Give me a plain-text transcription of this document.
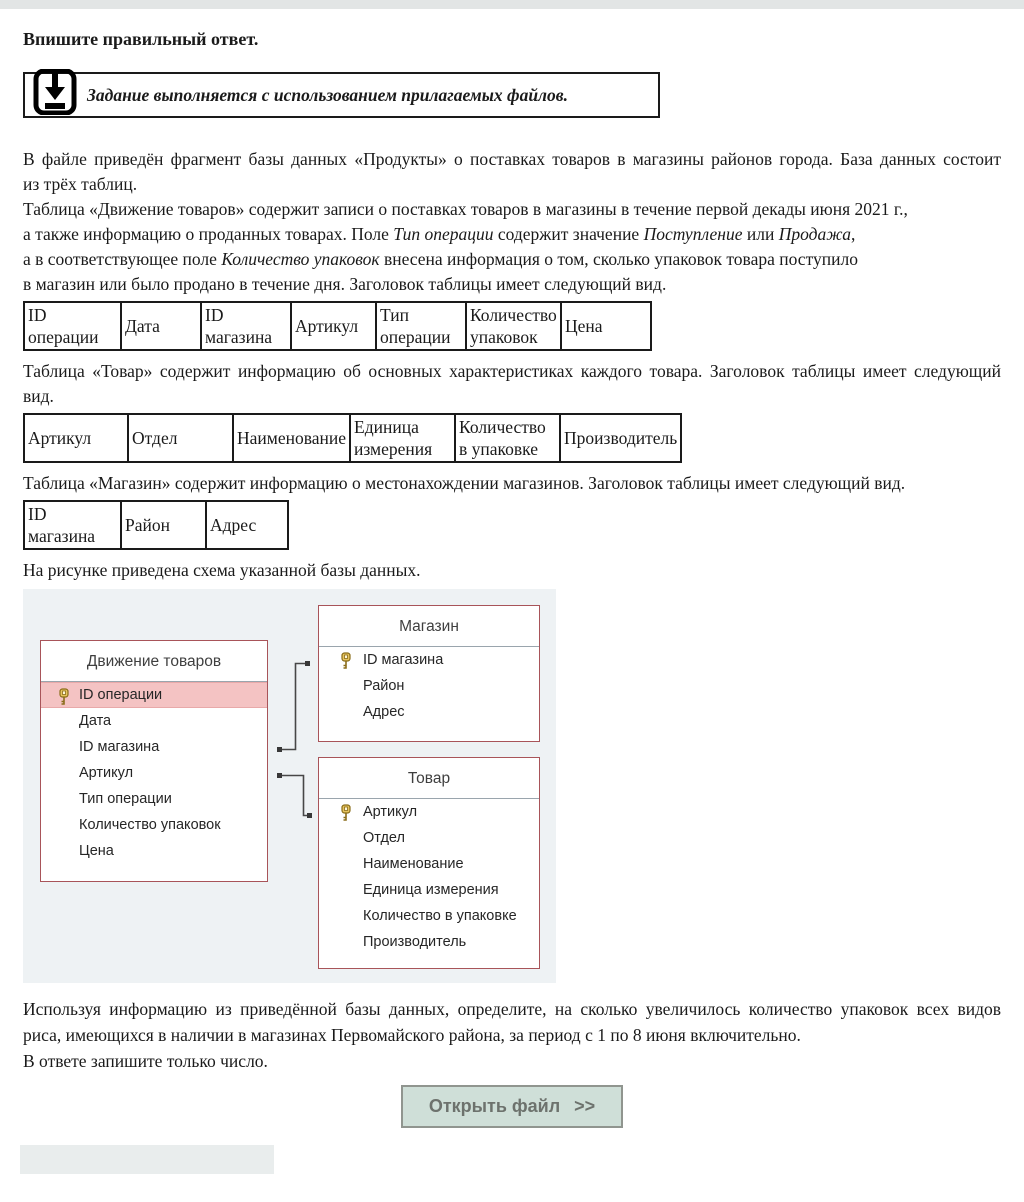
Впишите правильный ответ.
Задание выполняется с использованием прилагаемых файлов.
В файле приведён фрагмент базы данных «Продукты» о поставках товаров в магазины районов города. База данных состоит
из трёх таблиц.
Таблица «Движение товаров» содержит записи о поставках товаров в магазины в течение первой декады июня 2021 г.,
а также информацию о проданных товарах. Поле Тип операции содержит значение Поступление или Продажа,
а в соответствующее поле Количество упаковок внесена информация о том, сколько упаковок товара поступило
в магазин или было продано в течение дня. Заголовок таблицы имеет следующий вид.
ID операции	Дата	ID магазина	Артикул	Тип операции	Количество упаковок	Цена
Таблица «Товар» содержит информацию об основных характеристиках каждого товара. Заголовок таблицы имеет следующий
вид.
Артикул	Отдел	Наименование	Единица измерения	Количество в упаковке	Производитель
Таблица «Магазин» содержит информацию о местонахождении магазинов. Заголовок таблицы имеет следующий вид.
ID магазина	Район	Адрес
На рисунке приведена схема указанной базы данных.
Движение товаров
ID операции
Дата
ID магазина
Артикул
Тип операции
Количество упаковок
Цена
Магазин
ID магазина
Район
Адрес
Товар
Артикул
Отдел
Наименование
Единица измерения
Количество в упаковке
Производитель
Используя информацию из приведённой базы данных, определите, на сколько увеличилось количество упаковок всех видов
риса, имеющихся в наличии в магазинах Первомайского района, за период с 1 по 8 июня включительно.
В ответе запишите только число.
Открыть файл >>
